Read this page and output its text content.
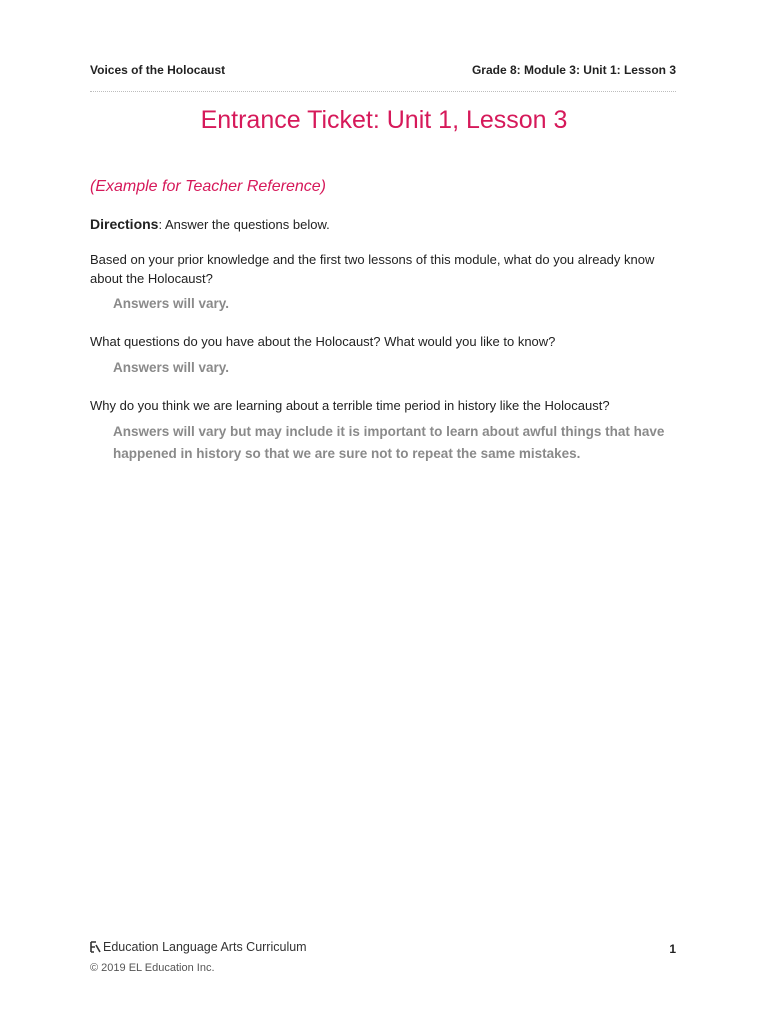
Voices of the Holocaust	Grade 8: Module 3: Unit 1: Lesson 3
Entrance Ticket: Unit 1, Lesson 3
(Example for Teacher Reference)
Directions: Answer the questions below.
Based on your prior knowledge and the first two lessons of this module, what do you already know about the Holocaust?
Answers will vary.
What questions do you have about the Holocaust? What would you like to know?
Answers will vary.
Why do you think we are learning about a terrible time period in history like the Holocaust?
Answers will vary but may include it is important to learn about awful things that have happened in history so that we are sure not to repeat the same mistakes.
Education Language Arts Curriculum
© 2019 EL Education Inc.
1
